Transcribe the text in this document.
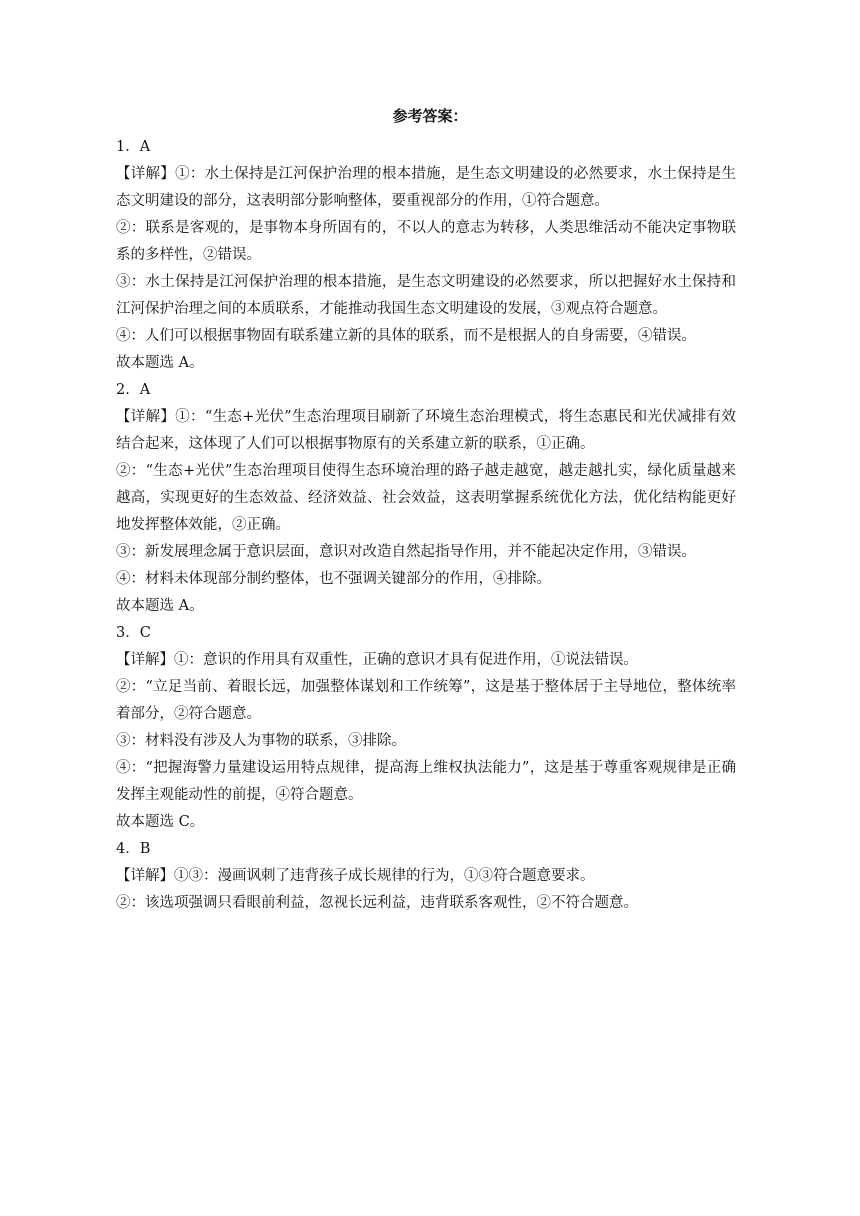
参考答案：

1．A

【详解】①：水土保持是江河保护治理的根本措施，是生态文明建设的必然要求，水土保持是生态文明建设的部分，这表明部分影响整体，要重视部分的作用，①符合题意。

②：联系是客观的，是事物本身所固有的，不以人的意志为转移，人类思维活动不能决定事物联系的多样性，②错误。

③：水土保持是江河保护治理的根本措施，是生态文明建设的必然要求，所以把握好水土保持和江河保护治理之间的本质联系，才能推动我国生态文明建设的发展，③观点符合题意。

④：人们可以根据事物固有联系建立新的具体的联系，而不是根据人的自身需要，④错误。

故本题选 A。

2．A

【详解】①：“生态+光伏”生态治理项目刷新了环境生态治理模式，将生态惠民和光伏减排有效结合起来，这体现了人们可以根据事物原有的关系建立新的联系，①正确。

②：“生态+光伏”生态治理项目使得生态环境治理的路子越走越宽，越走越扎实，绿化质量越来越高，实现更好的生态效益、经济效益、社会效益，这表明掌握系统优化方法，优化结构能更好地发挥整体效能，②正确。

③：新发展理念属于意识层面，意识对改造自然起指导作用，并不能起决定作用，③错误。

④：材料未体现部分制约整体，也不强调关键部分的作用，④排除。

故本题选 A。

3．C

【详解】①：意识的作用具有双重性，正确的意识才具有促进作用，①说法错误。

②：“立足当前、着眼长远，加强整体谋划和工作统筹”，这是基于整体居于主导地位，整体统率着部分，②符合题意。

③：材料没有涉及人为事物的联系，③排除。

④：“把握海警力量建设运用特点规律，提高海上维权执法能力”，这是基于尊重客观规律是正确发挥主观能动性的前提，④符合题意。

故本题选 C。

4．B

【详解】①③：漫画讽刺了违背孩子成长规律的行为，①③符合题意要求。

②：该选项强调只看眼前利益，忽视长远利益，违背联系客观性，②不符合题意。
